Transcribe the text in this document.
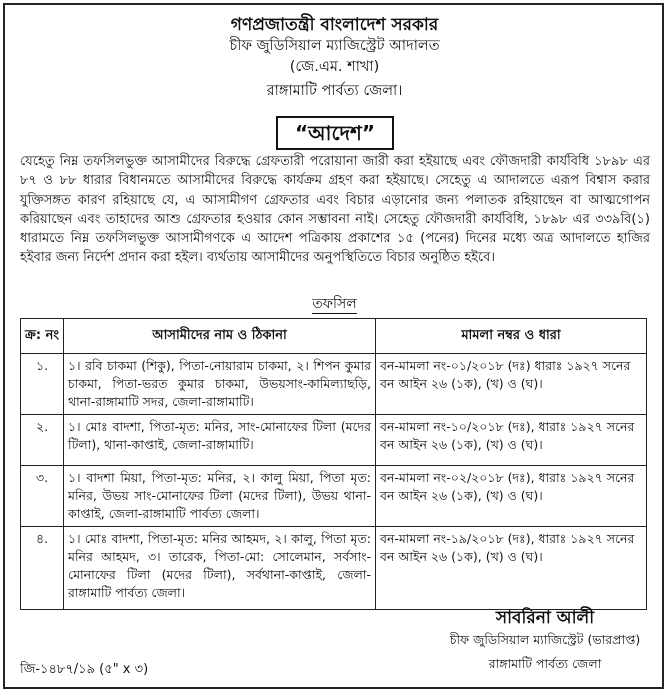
গণপ্রজাতন্ত্রী বাংলাদেশ সরকার
চীফ জুডিসিয়াল ম্যাজিস্ট্রেট আদালত
(জে.এম. শাখা)
রাঙ্গামাটি পার্বত্য জেলা।
“আদেশ”
যেহেতু নিম্ন তফসিলভুক্ত আসামীদের বিরুদ্ধে গ্রেফতারী পরোয়ানা জারী করা হইয়াছে এবং ফৌজদারী কার্যবিধি ১৮৯৮ এর ৮৭ ও ৮৮ ধারার বিধানমতে আসামীদের বিরুদ্ধে কার্যক্রম গ্রহণ করা হইয়াছে। সেহেতু এ আদালতে এরূপ বিশ্বাস করার যুক্তিসঙ্গত কারণ রহিয়াছে যে, এ আসামীগণ গ্রেফতার এবং বিচার এড়ানোর জন্য পলাতক রহিয়াছেন বা আত্মগোপন করিয়াছেন এবং তাহাদের আশু গ্রেফতার হওয়ার কোন সম্ভাবনা নাই। সেহেতু ফৌজদারী কার্যবিধি, ১৮৯৮ এর ৩৩৯বি(১) ধারামতে নিম্ন তফসিলভুক্ত আসামীগণকে এ আদেশ পত্রিকায় প্রকাশের ১৫ (পনের) দিনের মধ্যে অত্র আদালতে হাজির হইবার জন্য নির্দেশ প্রদান করা হইল। ব্যর্থতায় আসামীদের অনুপস্থিতিতে বিচার অনুষ্ঠিত হইবে।
তফসিল
ক্র: নং	আসামীদের নাম ও ঠিকানা	মামলা নম্বর ও ধারা
১.	১। রবি চাকমা (শিকু), পিতা-নোয়ারাম চাকমা, ২। শিপন কুমার চাকমা, পিতা-ভরত কুমার চাকমা, উভয়সাং-কামিল্যাছড়ি, থানা-রাঙ্গামাটি সদর, জেলা-রাঙ্গামাটি।	বন-মামলা নং-০১/২০১৮ (দঃ) ধারাঃ ১৯২৭ সনের বন আইন ২৬ (১ক), (খ) ও (ঘ)।
২.	১। মোঃ বাদশা, পিতা-মৃত: মনির, সাং-মোনাফের টিলা (মদের টিলা), থানা-কাপ্তাই, জেলা-রাঙ্গামাটি।	বন-মামলা নং-১০/২০১৮ (দঃ), ধারাঃ ১৯২৭ সনের বন আইন ২৬ (১ক), (খ) ও (ঘ)।
৩.	১। বাদশা মিয়া, পিতা-মৃত: মনির, ২। কালু মিয়া, পিতা মৃত: মনির, উভয় সাং-মোনাফের টিলা (মদের টিলা), উভয় থানা-কাপ্তাই, জেলা-রাঙ্গামাটি পার্বত্য জেলা।	বন-মামলা নং-০২/২০১৮ (দঃ), ধারাঃ ১৯২৭ সনের বন আইন ২৬ (১ক), (খ) ও (ঘ)।
৪.	১। মোঃ বাদশা, পিতা-মৃত: মনির আহমদ, ২। কালু, পিতা মৃত: মনির আহমদ, ৩। তারেক, পিতা-মো: সোলেমান, সর্বসাং-মোনাফের টিলা (মদের টিলা), সর্বথানা-কাপ্তাই, জেলা-রাঙ্গামাটি পার্বত্য জেলা।	বন-মামলা নং-১৯/২০১৮ (দঃ), ধারাঃ ১৯২৭ সনের বন আইন ২৬ (১ক), (খ) ও (ঘ)।
সাবরিনা আলী
চীফ জুডিসিয়াল ম্যাজিস্ট্রেট (ভারপ্রাপ্ত)
রাঙ্গামাটি পার্বত্য জেলা
জি-১৪৮৭/১৯ (৫" x ৩)
